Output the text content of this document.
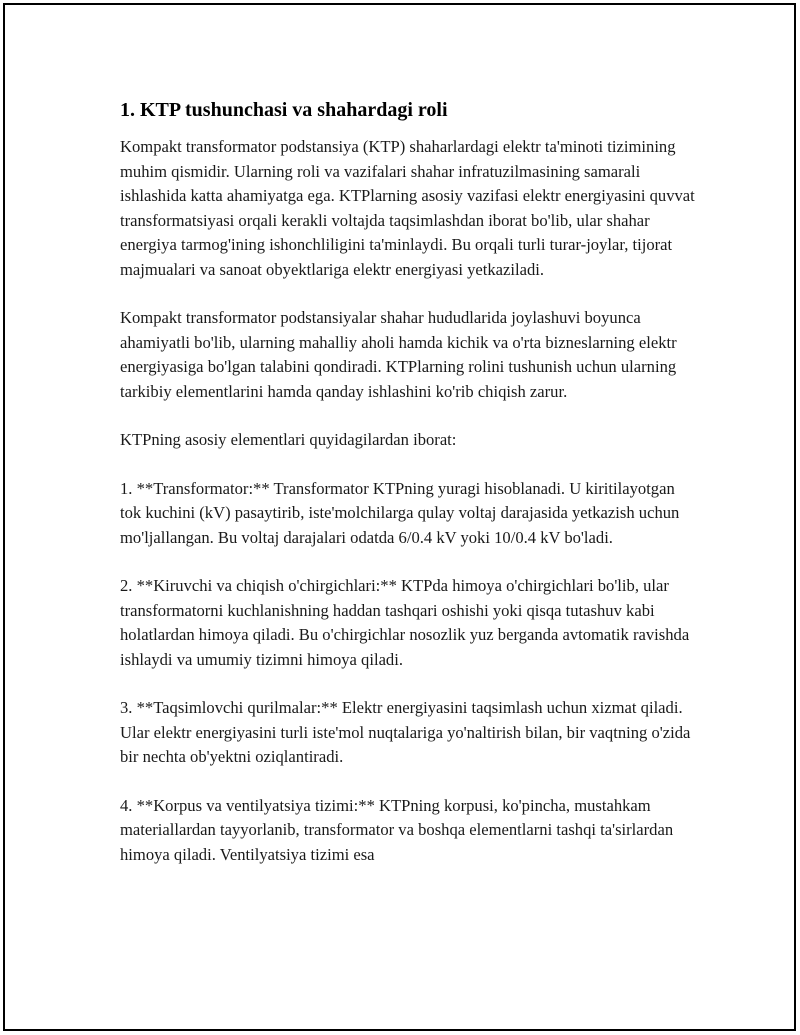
1. KTP tushunchasi va shahardagi roli

Kompakt transformator podstansiya (KTP) shaharlardagi elektr ta'minoti tizimining muhim qismidir. Ularning roli va vazifalari shahar infratuzilmasining samarali ishlashida katta ahamiyatga ega. KTPlarning asosiy vazifasi elektr energiyasini quvvat transformatsiyasi orqali kerakli voltajda taqsimlashdan iborat bo'lib, ular shahar energiya tarmog'ining ishonchliligini ta'minlaydi. Bu orqali turli turar-joylar, tijorat majmualari va sanoat obyektlariga elektr energiyasi yetkaziladi.

Kompakt transformator podstansiyalar shahar hududlarida joylashuvi boyunca ahamiyatli bo'lib, ularning mahalliy aholi hamda kichik va o'rta bizneslarning elektr energiyasiga bo'lgan talabini qondiradi. KTPlarning rolini tushunish uchun ularning tarkibiy elementlarini hamda qanday ishlashini ko'rib chiqish zarur.

KTPning asosiy elementlari quyidagilardan iborat:

1. **Transformator:** Transformator KTPning yuragi hisoblanadi. U kiritilayotgan tok kuchini (kV) pasaytirib, iste'molchilarga qulay voltaj darajasida yetkazish uchun mo'ljallangan. Bu voltaj darajalari odatda 6/0.4 kV yoki 10/0.4 kV bo'ladi.

2. **Kiruvchi va chiqish o'chirgichlari:** KTPda himoya o'chirgichlari bo'lib, ular transformatorni kuchlanishning haddan tashqari oshishi yoki qisqa tutashuv kabi holatlardan himoya qiladi. Bu o'chirgichlar nosozlik yuz berganda avtomatik ravishda ishlaydi va umumiy tizimni himoya qiladi.

3. **Taqsimlovchi qurilmalar:** Elektr energiyasini taqsimlash uchun xizmat qiladi. Ular elektr energiyasini turli iste'mol nuqtalariga yo'naltirish bilan, bir vaqtning o'zida bir nechta ob'yektni oziqlantiradi.

4. **Korpus va ventilyatsiya tizimi:** KTPning korpusi, ko'pincha, mustahkam materiallardan tayyorlanib, transformator va boshqa elementlarni tashqi ta'sirlardan himoya qiladi. Ventilyatsiya tizimi esa
